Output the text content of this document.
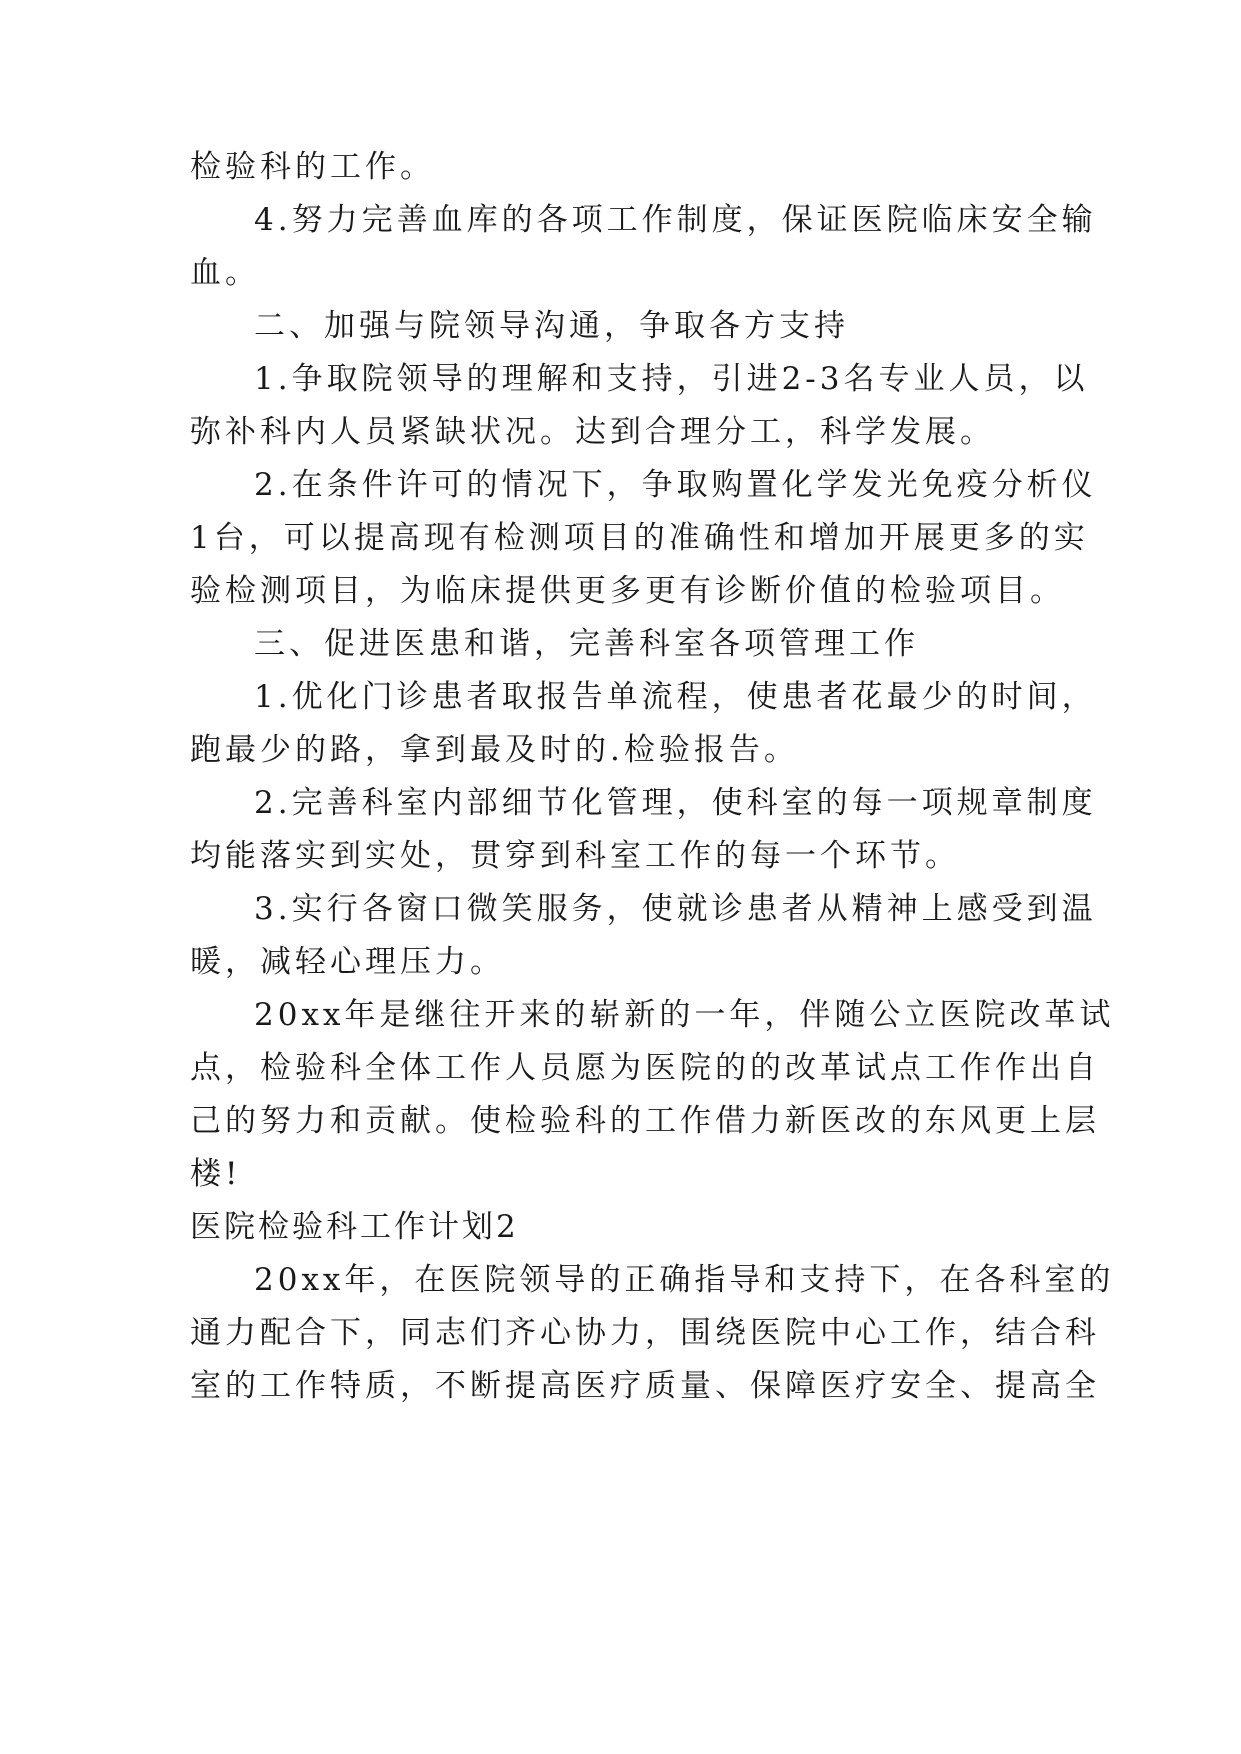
检验科的工作。
4.努力完善血库的各项工作制度，保证医院临床安全输
血。
二、加强与院领导沟通，争取各方支持
1.争取院领导的理解和支持，引进2-3名专业人员，以
弥补科内人员紧缺状况。达到合理分工，科学发展。
2.在条件许可的情况下，争取购置化学发光免疫分析仪
1台，可以提高现有检测项目的准确性和增加开展更多的实
验检测项目，为临床提供更多更有诊断价值的检验项目。
三、促进医患和谐，完善科室各项管理工作
1.优化门诊患者取报告单流程，使患者花最少的时间，
跑最少的路，拿到最及时的.检验报告。
2.完善科室内部细节化管理，使科室的每一项规章制度
均能落实到实处，贯穿到科室工作的每一个环节。
3.实行各窗口微笑服务，使就诊患者从精神上感受到温
暖，减轻心理压力。
20xx年是继往开来的崭新的一年，伴随公立医院改革试
点，检验科全体工作人员愿为医院的的改革试点工作作出自
己的努力和贡献。使检验科的工作借力新医改的东风更上层
楼!
医院检验科工作计划2
20xx年，在医院领导的正确指导和支持下，在各科室的
通力配合下，同志们齐心协力，围绕医院中心工作，结合科
室的工作特质，不断提高医疗质量、保障医疗安全、提高全
